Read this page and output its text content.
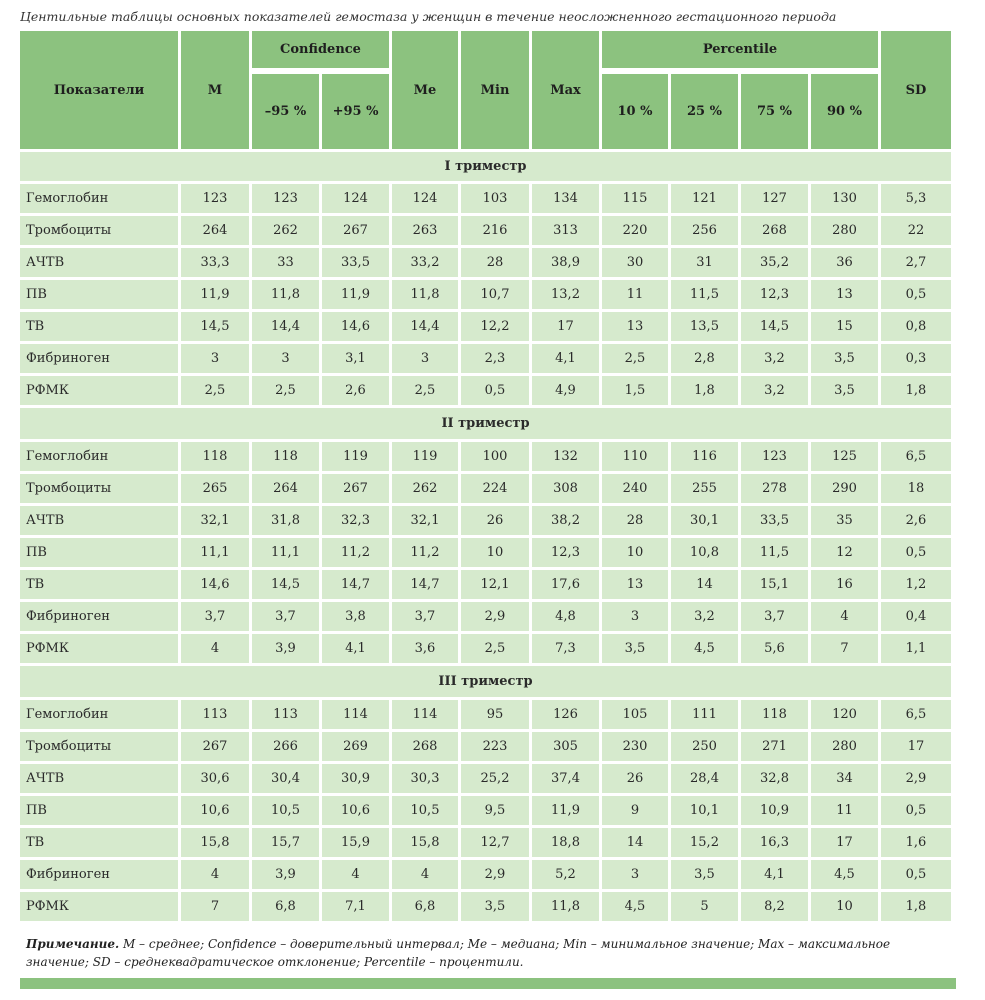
Центильные таблицы основных показателей гемостаза у женщин в течение неосложненного гестационного периода
Показатели	M	Confidence		Me	Min	Max	Percentile				SD
		–95 %	+95 %				10 %	25 %	75 %	90 %	
I триместр											
Гемоглобин	123	123	124	124	103	134	115	121	127	130	5,3
Тромбоциты	264	262	267	263	216	313	220	256	268	280	22
АЧТВ	33,3	33	33,5	33,2	28	38,9	30	31	35,2	36	2,7
ПВ	11,9	11,8	11,9	11,8	10,7	13,2	11	11,5	12,3	13	0,5
ТВ	14,5	14,4	14,6	14,4	12,2	17	13	13,5	14,5	15	0,8
Фибриноген	3	3	3,1	3	2,3	4,1	2,5	2,8	3,2	3,5	0,3
РФМК	2,5	2,5	2,6	2,5	0,5	4,9	1,5	1,8	3,2	3,5	1,8
II триместр											
Гемоглобин	118	118	119	119	100	132	110	116	123	125	6,5
Тромбоциты	265	264	267	262	224	308	240	255	278	290	18
АЧТВ	32,1	31,8	32,3	32,1	26	38,2	28	30,1	33,5	35	2,6
ПВ	11,1	11,1	11,2	11,2	10	12,3	10	10,8	11,5	12	0,5
ТВ	14,6	14,5	14,7	14,7	12,1	17,6	13	14	15,1	16	1,2
Фибриноген	3,7	3,7	3,8	3,7	2,9	4,8	3	3,2	3,7	4	0,4
РФМК	4	3,9	4,1	3,6	2,5	7,3	3,5	4,5	5,6	7	1,1
III триместр											
Гемоглобин	113	113	114	114	95	126	105	111	118	120	6,5
Тромбоциты	267	266	269	268	223	305	230	250	271	280	17
АЧТВ	30,6	30,4	30,9	30,3	25,2	37,4	26	28,4	32,8	34	2,9
ПВ	10,6	10,5	10,6	10,5	9,5	11,9	9	10,1	10,9	11	0,5
ТВ	15,8	15,7	15,9	15,8	12,7	18,8	14	15,2	16,3	17	1,6
Фибриноген	4	3,9	4	4	2,9	5,2	3	3,5	4,1	4,5	0,5
РФМК	7	6,8	7,1	6,8	3,5	11,8	4,5	5	8,2	10	1,8
Примечание. M – среднее; Confidence – доверительный интервал; Me – медиана; Min – минимальное значение; Max – максимальное значение; SD – среднеквадратическое отклонение; Percentile – процентили.
